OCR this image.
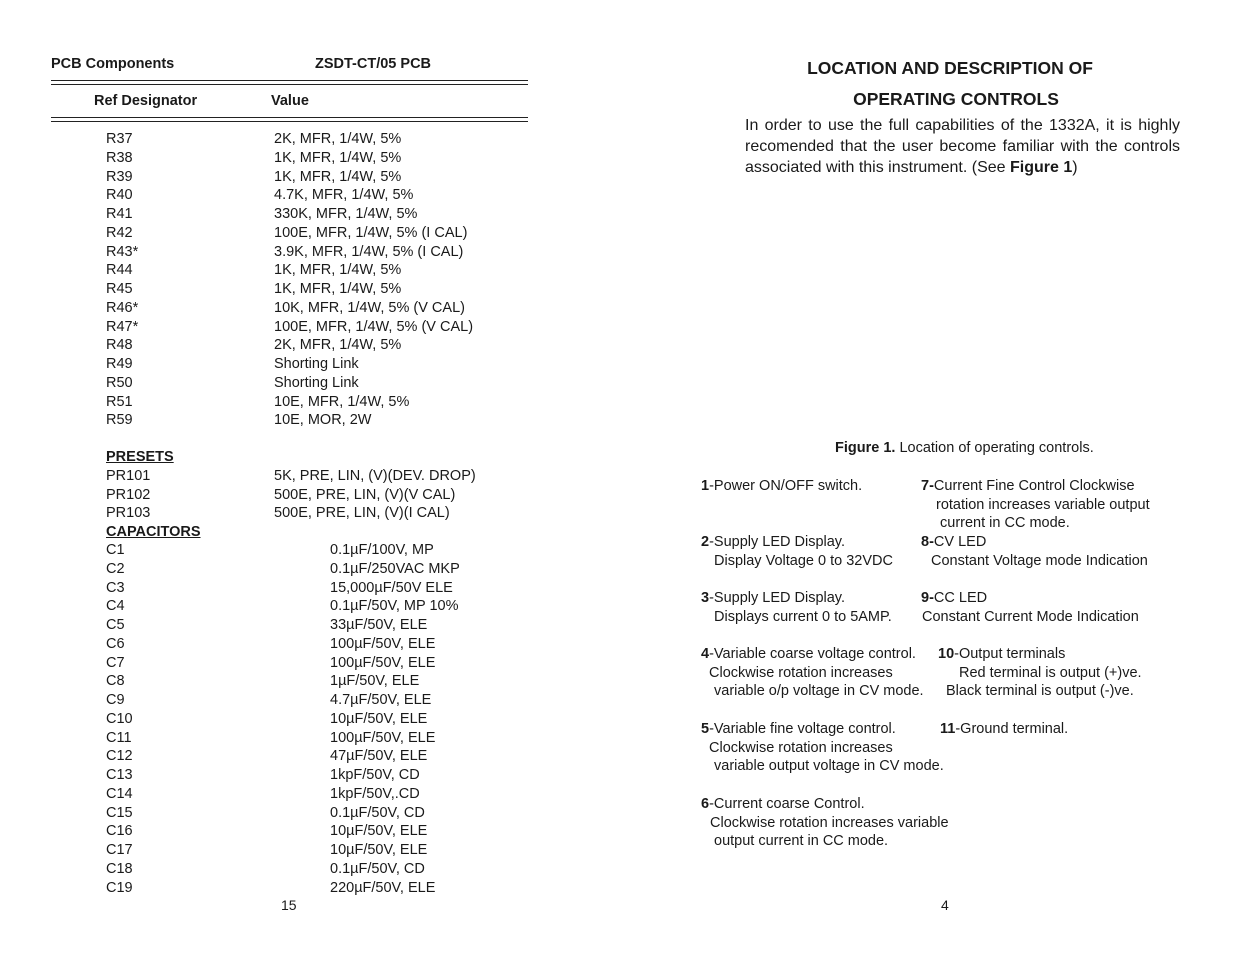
PCB Components	ZSDT-CT/05 PCB
Ref Designator	Value
R37	2K, MFR, 1/4W, 5%
R38	1K, MFR, 1/4W, 5%
R39	1K, MFR, 1/4W, 5%
R40	4.7K, MFR, 1/4W, 5%
R41	330K, MFR, 1/4W, 5%
R42	100E, MFR, 1/4W, 5% (I CAL)
R43*	3.9K, MFR, 1/4W, 5% (I CAL)
R44	1K, MFR, 1/4W, 5%
R45	1K, MFR, 1/4W, 5%
R46*	10K, MFR, 1/4W, 5% (V CAL)
R47*	100E, MFR, 1/4W, 5% (V CAL)
R48	2K, MFR, 1/4W, 5%
R49	Shorting Link
R50	Shorting Link
R51	10E, MFR, 1/4W, 5%
R59	10E, MOR, 2W
PRESETS
PR101	5K, PRE, LIN, (V)(DEV. DROP)
PR102	500E, PRE, LIN, (V)(V CAL)
PR103	500E, PRE, LIN, (V)(I CAL)
CAPACITORS
C1	0.1µF/100V, MP
C2	0.1µF/250VAC MKP
C3	15,000µF/50V ELE
C4	0.1µF/50V, MP 10%
C5	33µF/50V, ELE
C6	100µF/50V, ELE
C7	100µF/50V, ELE
C8	1µF/50V, ELE
C9	4.7µF/50V, ELE
C10	10µF/50V, ELE
C11	100µF/50V, ELE
C12	47µF/50V, ELE
C13	1kpF/50V, CD
C14	1kpF/50V,.CD
C15	0.1µF/50V, CD
C16	10µF/50V, ELE
C17	10µF/50V, ELE
C18	0.1µF/50V, CD
C19	220µF/50V, ELE
15
LOCATION AND DESCRIPTION OF
OPERATING CONTROLS
In order to use the full capabilities of the 1332A, it is highly recomended that the user become familiar with the controls associated with this instrument. (See Figure 1)
Figure 1. Location of operating controls.
1-Power ON/OFF switch.	7-Current Fine Control Clockwise
rotation increases variable output
current in CC mode.
2-Supply LED Display.
Display Voltage 0 to 32VDC
8-CV LED
Constant Voltage mode Indication
3-Supply LED Display.
Displays current 0 to 5AMP.
9-CC LED
Constant Current Mode Indication
4-Variable coarse voltage control.
Clockwise rotation increases
variable o/p voltage in CV mode.
10-Output terminals
Red terminal is output (+)ve.
Black terminal is output (-)ve.
5-Variable fine voltage control.
Clockwise rotation increases
variable output voltage in CV mode.
11-Ground terminal.
6-Current coarse Control.
Clockwise rotation increases variable
output current in CC mode.
4
